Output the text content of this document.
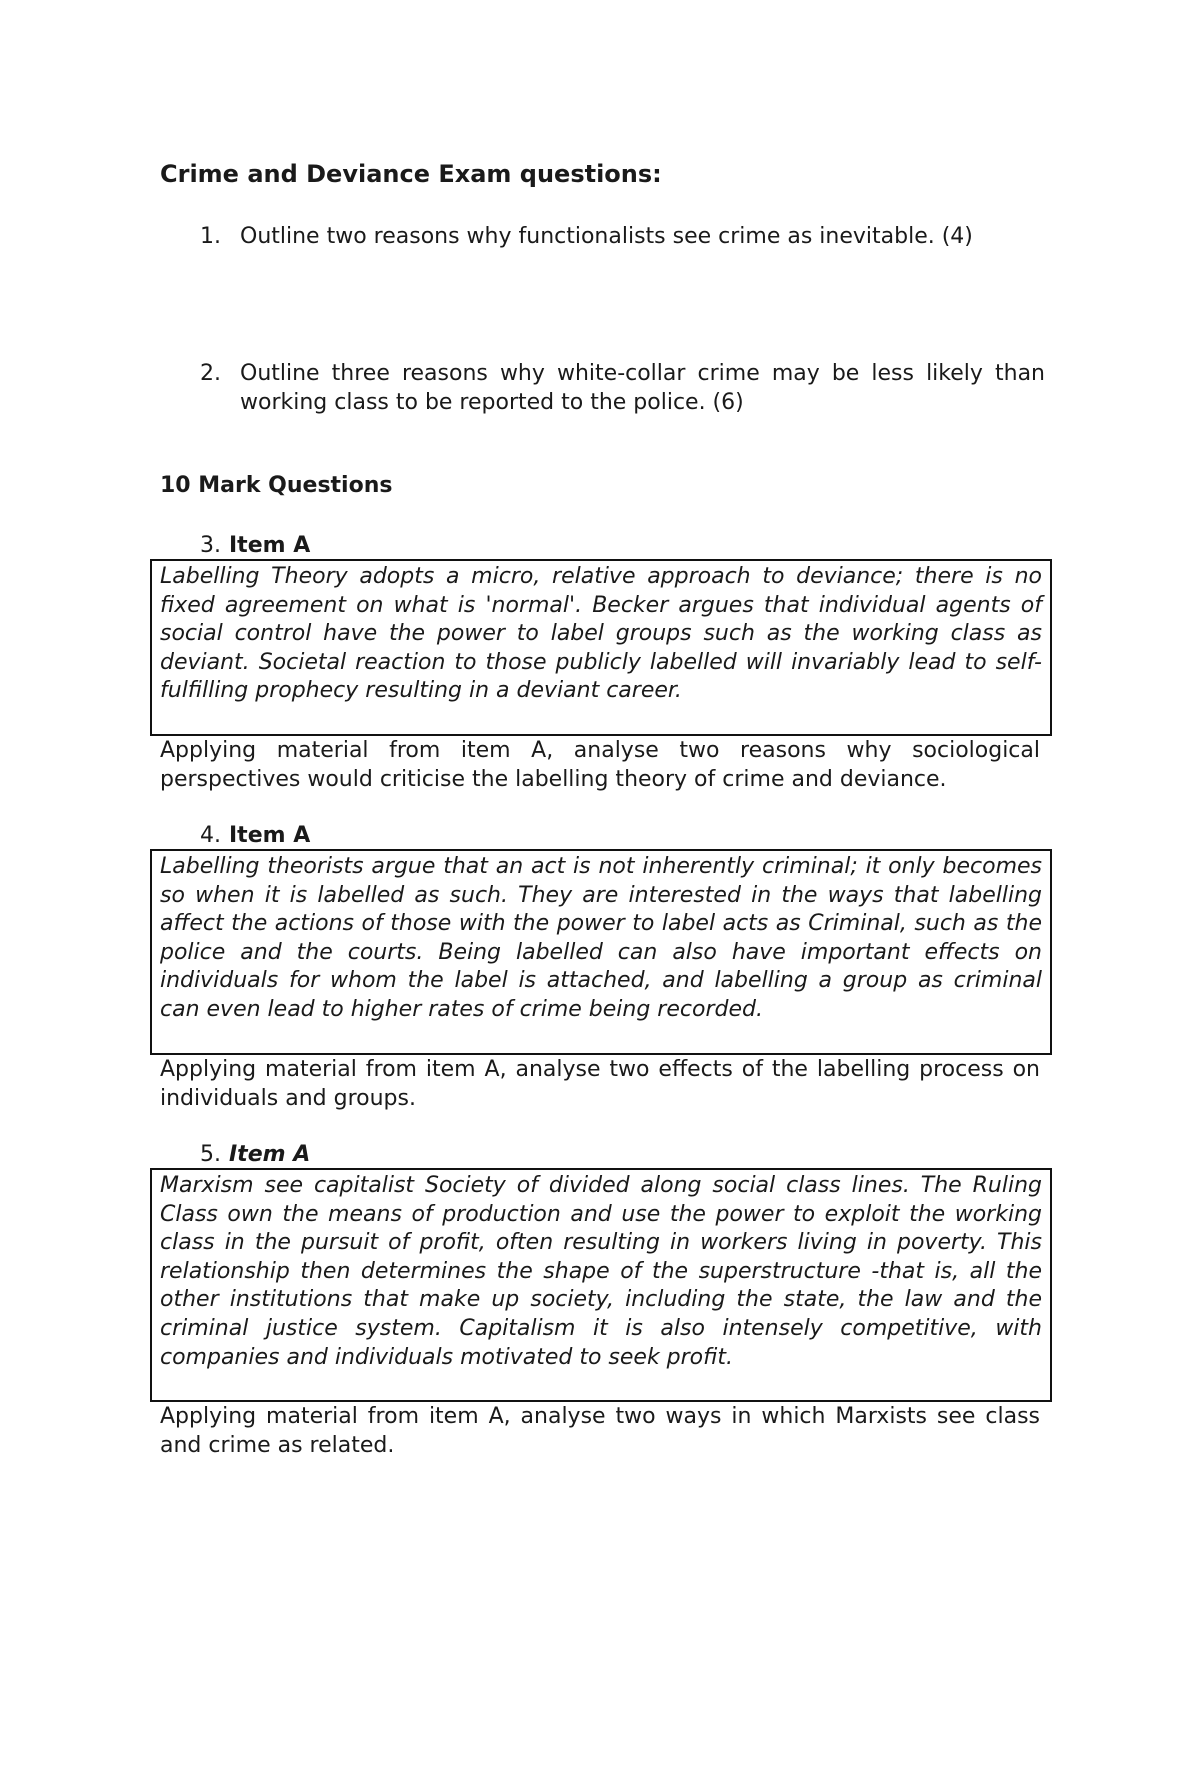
Crime and Deviance Exam questions:
1. Outline two reasons why functionalists see crime as inevitable. (4)
2. Outline three reasons why white-collar crime may be less likely than working class to be reported to the police. (6)
10 Mark Questions
3. Item A
Labelling Theory adopts a micro, relative approach to deviance; there is no fixed agreement on what is 'normal'. Becker argues that individual agents of social control have the power to label groups such as the working class as deviant. Societal reaction to those publicly labelled will invariably lead to self-fulfilling prophecy resulting in a deviant career.
Applying material from item A, analyse two reasons why sociological perspectives would criticise the labelling theory of crime and deviance.
4. Item A
Labelling theorists argue that an act is not inherently criminal; it only becomes so when it is labelled as such. They are interested in the ways that labelling affect the actions of those with the power to label acts as Criminal, such as the police and the courts. Being labelled can also have important effects on individuals for whom the label is attached, and labelling a group as criminal can even lead to higher rates of crime being recorded.
Applying material from item A, analyse two effects of the labelling process on individuals and groups.
5. Item A
Marxism see capitalist Society of divided along social class lines. The Ruling Class own the means of production and use the power to exploit the working class in the pursuit of profit, often resulting in workers living in poverty. This relationship then determines the shape of the superstructure -that is, all the other institutions that make up society, including the state, the law and the criminal justice system. Capitalism it is also intensely competitive, with companies and individuals motivated to seek profit.
Applying material from item A, analyse two ways in which Marxists see class and crime as related.
